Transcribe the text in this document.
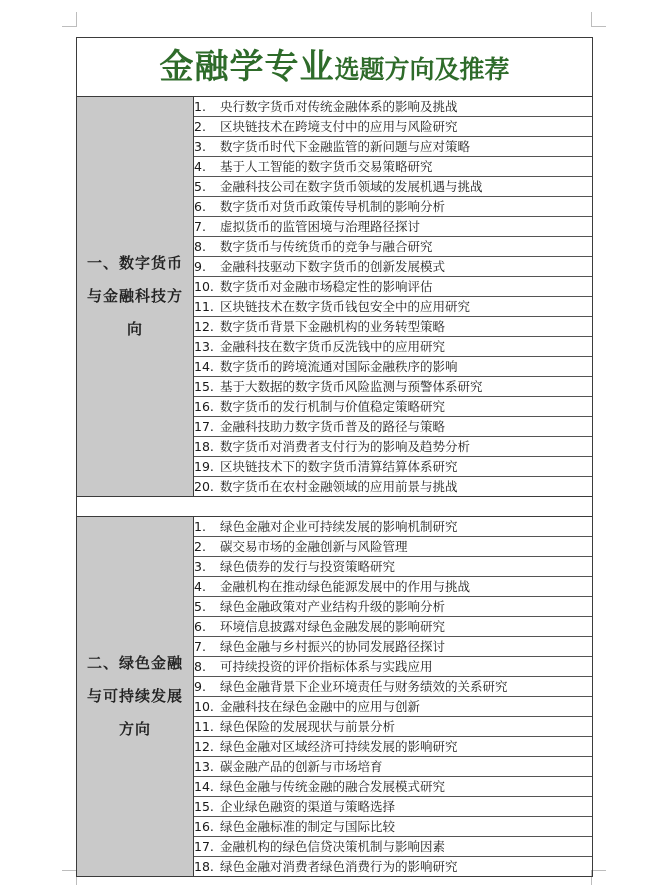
金融学专业选题方向及推荐
一、数字货币与金融科技方向	1. 央行数字货币对传统金融体系的影响及挑战
	2. 区块链技术在跨境支付中的应用与风险研究
	3. 数字货币时代下金融监管的新问题与应对策略
	4. 基于人工智能的数字货币交易策略研究
	5. 金融科技公司在数字货币领域的发展机遇与挑战
	6. 数字货币对货币政策传导机制的影响分析
	7. 虚拟货币的监管困境与治理路径探讨
	8. 数字货币与传统货币的竞争与融合研究
	9. 金融科技驱动下数字货币的创新发展模式
	10. 数字货币对金融市场稳定性的影响评估
	11. 区块链技术在数字货币钱包安全中的应用研究
	12. 数字货币背景下金融机构的业务转型策略
	13. 金融科技在数字货币反洗钱中的应用研究
	14. 数字货币的跨境流通对国际金融秩序的影响
	15. 基于大数据的数字货币风险监测与预警体系研究
	16. 数字货币的发行机制与价值稳定策略研究
	17. 金融科技助力数字货币普及的路径与策略
	18. 数字货币对消费者支付行为的影响及趋势分析
	19. 区块链技术下的数字货币清算结算体系研究
	20. 数字货币在农村金融领域的应用前景与挑战

二、绿色金融与可持续发展方向	1. 绿色金融对企业可持续发展的影响机制研究
	2. 碳交易市场的金融创新与风险管理
	3. 绿色债券的发行与投资策略研究
	4. 金融机构在推动绿色能源发展中的作用与挑战
	5. 绿色金融政策对产业结构升级的影响分析
	6. 环境信息披露对绿色金融发展的影响研究
	7. 绿色金融与乡村振兴的协同发展路径探讨
	8. 可持续投资的评价指标体系与实践应用
	9. 绿色金融背景下企业环境责任与财务绩效的关系研究
	10. 金融科技在绿色金融中的应用与创新
	11. 绿色保险的发展现状与前景分析
	12. 绿色金融对区域经济可持续发展的影响研究
	13. 碳金融产品的创新与市场培育
	14. 绿色金融与传统金融的融合发展模式研究
	15. 企业绿色融资的渠道与策略选择
	16. 绿色金融标准的制定与国际比较
	17. 金融机构的绿色信贷决策机制与影响因素
	18. 绿色金融对消费者绿色消费行为的影响研究
